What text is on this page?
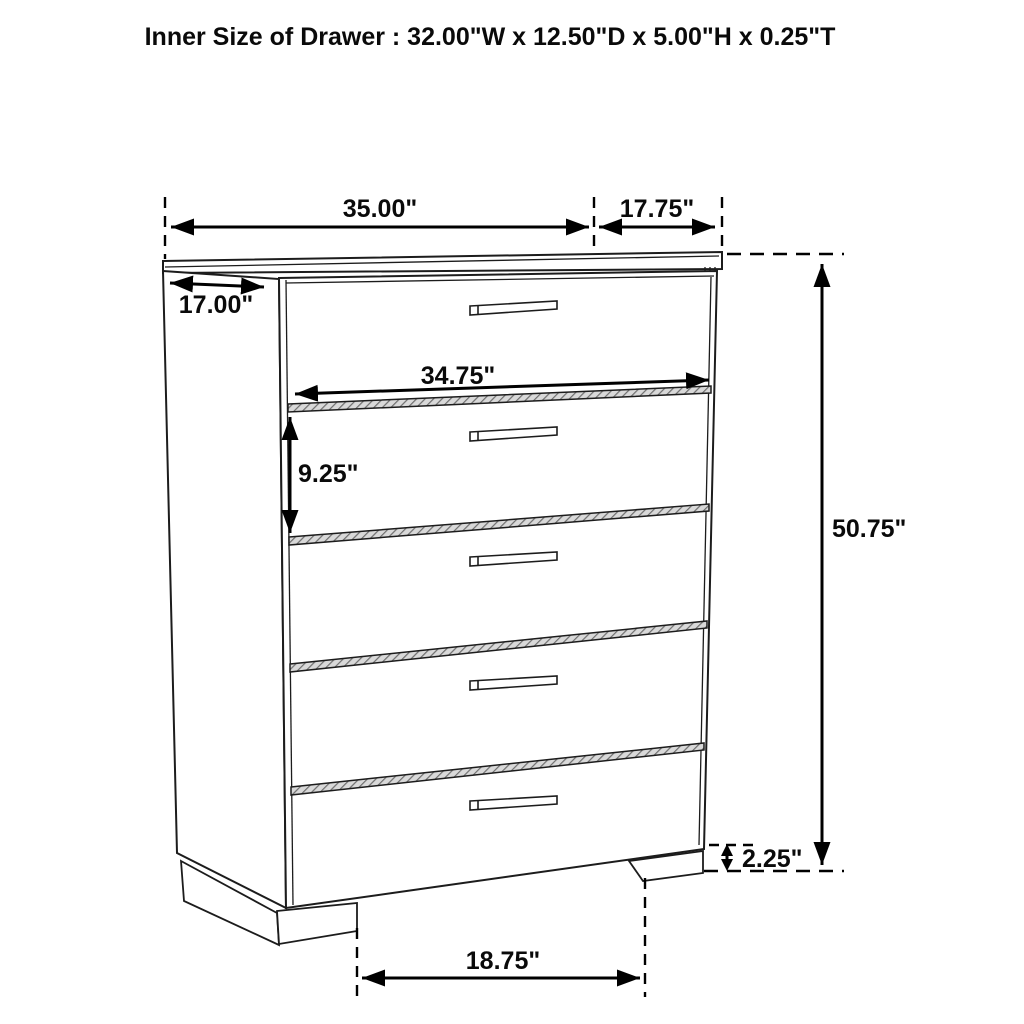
35.00"	17.75"
17.00"
34.75"
9.25"
50.75"
2.25"
18.75"
Inner Size of Drawer : 32.00"W x 12.50"D x 5.00"H x 0.25"T
